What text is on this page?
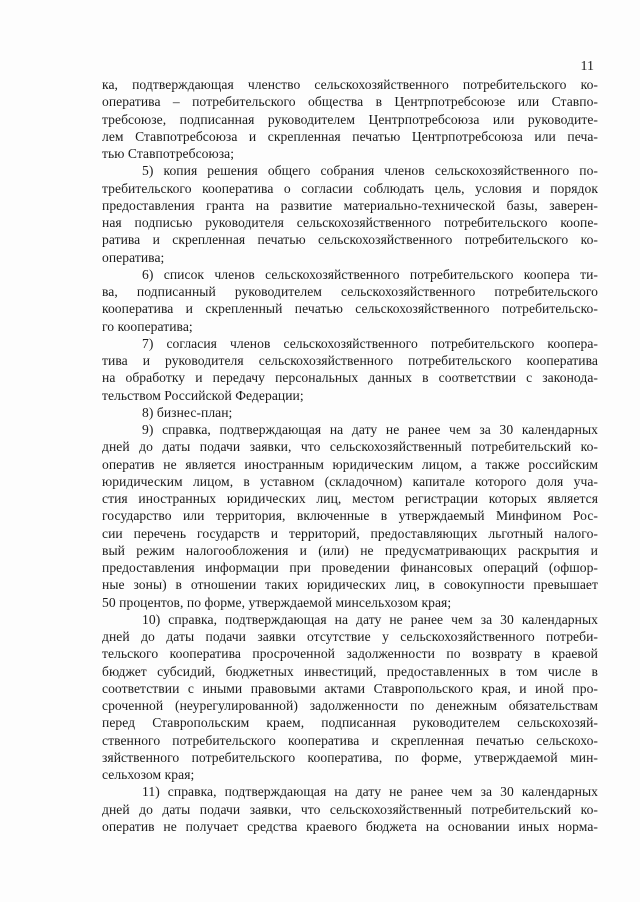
11
ка, подтверждающая членство сельскохозяйственного потребительского ко-
оператива – потребительского общества в Центрпотребсоюзе или Ставпо-
требсоюзе, подписанная руководителем Центрпотребсоюза или руководите-
лем Ставпотребсоюза и скрепленная печатью Центрпотребсоюза или печа-
тью Ставпотребсоюза;
5) копия решения общего собрания членов сельскохозяйственного по-
требительского кооператива о согласии соблюдать цель, условия и порядок
предоставления гранта на развитие материально-технической базы, заверен-
ная подписью руководителя сельскохозяйственного потребительского коопе-
ратива и скрепленная печатью сельскохозяйственного потребительского ко-
оператива;
6) список членов сельскохозяйственного потребительского коопера ти-
ва, подписанный руководителем сельскохозяйственного потребительского
кооператива и скрепленный печатью сельскохозяйственного потребительско-
го кооператива;
7) согласия членов сельскохозяйственного потребительского коопера-
тива и руководителя сельскохозяйственного потребительского кооператива
на обработку и передачу персональных данных в соответствии с законода-
тельством Российской Федерации;
8) бизнес-план;
9) справка, подтверждающая на дату не ранее чем за 30 календарных
дней до даты подачи заявки, что сельскохозяйственный потребительский ко-
оператив не является иностранным юридическим лицом, а также российским
юридическим лицом, в уставном (складочном) капитале которого доля уча-
стия иностранных юридических лиц, местом регистрации которых является
государство или территория, включенные в утверждаемый Минфином Рос-
сии перечень государств и территорий, предоставляющих льготный налого-
вый режим налогообложения и (или) не предусматривающих раскрытия и
предоставления информации при проведении финансовых операций (офшор-
ные зоны) в отношении таких юридических лиц, в совокупности превышает
50 процентов, по форме, утверждаемой минсельхозом края;
10) справка, подтверждающая на дату не ранее чем за 30 календарных
дней до даты подачи заявки отсутствие у сельскохозяйственного потреби-
тельского кооператива просроченной задолженности по возврату в краевой
бюджет субсидий, бюджетных инвестиций, предоставленных в том числе в
соответствии с иными правовыми актами Ставропольского края, и иной про-
сроченной (неурегулированной) задолженности по денежным обязательствам
перед Ставропольским краем, подписанная руководителем сельскохозяй-
ственного потребительского кооператива и скрепленная печатью сельскохо-
зяйственного потребительского кооператива, по форме, утверждаемой мин-
сельхозом края;
11) справка, подтверждающая на дату не ранее чем за 30 календарных
дней до даты подачи заявки, что сельскохозяйственный потребительский ко-
оператив не получает средства краевого бюджета на основании иных норма-
